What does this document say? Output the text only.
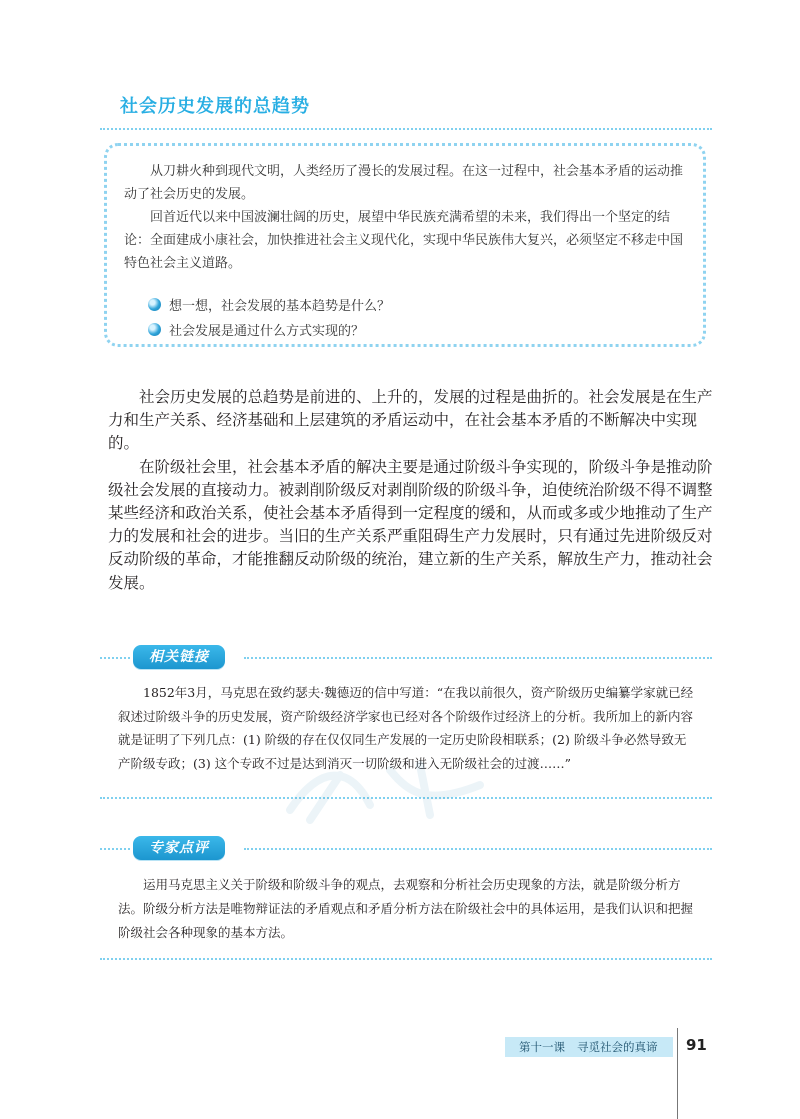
社会历史发展的总趋势

从刀耕火种到现代文明，人类经历了漫长的发展过程。在这一过程中，社会基本矛盾的运动推动了社会历史的发展。

回首近代以来中国波澜壮阔的历史，展望中华民族充满希望的未来，我们得出一个坚定的结论：全面建成小康社会，加快推进社会主义现代化，实现中华民族伟大复兴，必须坚定不移走中国特色社会主义道路。

想一想，社会发展的基本趋势是什么？
社会发展是通过什么方式实现的？

社会历史发展的总趋势是前进的、上升的，发展的过程是曲折的。社会发展是在生产力和生产关系、经济基础和上层建筑的矛盾运动中，在社会基本矛盾的不断解决中实现的。

在阶级社会里，社会基本矛盾的解决主要是通过阶级斗争实现的，阶级斗争是推动阶级社会发展的直接动力。被剥削阶级反对剥削阶级的阶级斗争，迫使统治阶级不得不调整某些经济和政治关系，使社会基本矛盾得到一定程度的缓和，从而或多或少地推动了生产力的发展和社会的进步。当旧的生产关系严重阻碍生产力发展时，只有通过先进阶级反对反动阶级的革命，才能推翻反动阶级的统治，建立新的生产关系，解放生产力，推动社会发展。

相关链接

1852年3月，马克思在致约瑟夫·魏德迈的信中写道：“在我以前很久，资产阶级历史编纂学家就已经叙述过阶级斗争的历史发展，资产阶级经济学家也已经对各个阶级作过经济上的分析。我所加上的新内容就是证明了下列几点：(1) 阶级的存在仅仅同生产发展的一定历史阶段相联系；(2) 阶级斗争必然导致无产阶级专政；(3) 这个专政不过是达到消灭一切阶级和进入无阶级社会的过渡……”

专家点评

运用马克思主义关于阶级和阶级斗争的观点，去观察和分析社会历史现象的方法，就是阶级分析方法。阶级分析方法是唯物辩证法的矛盾观点和矛盾分析方法在阶级社会中的具体运用，是我们认识和把握阶级社会各种现象的基本方法。

第十一课 寻觅社会的真谛 91
